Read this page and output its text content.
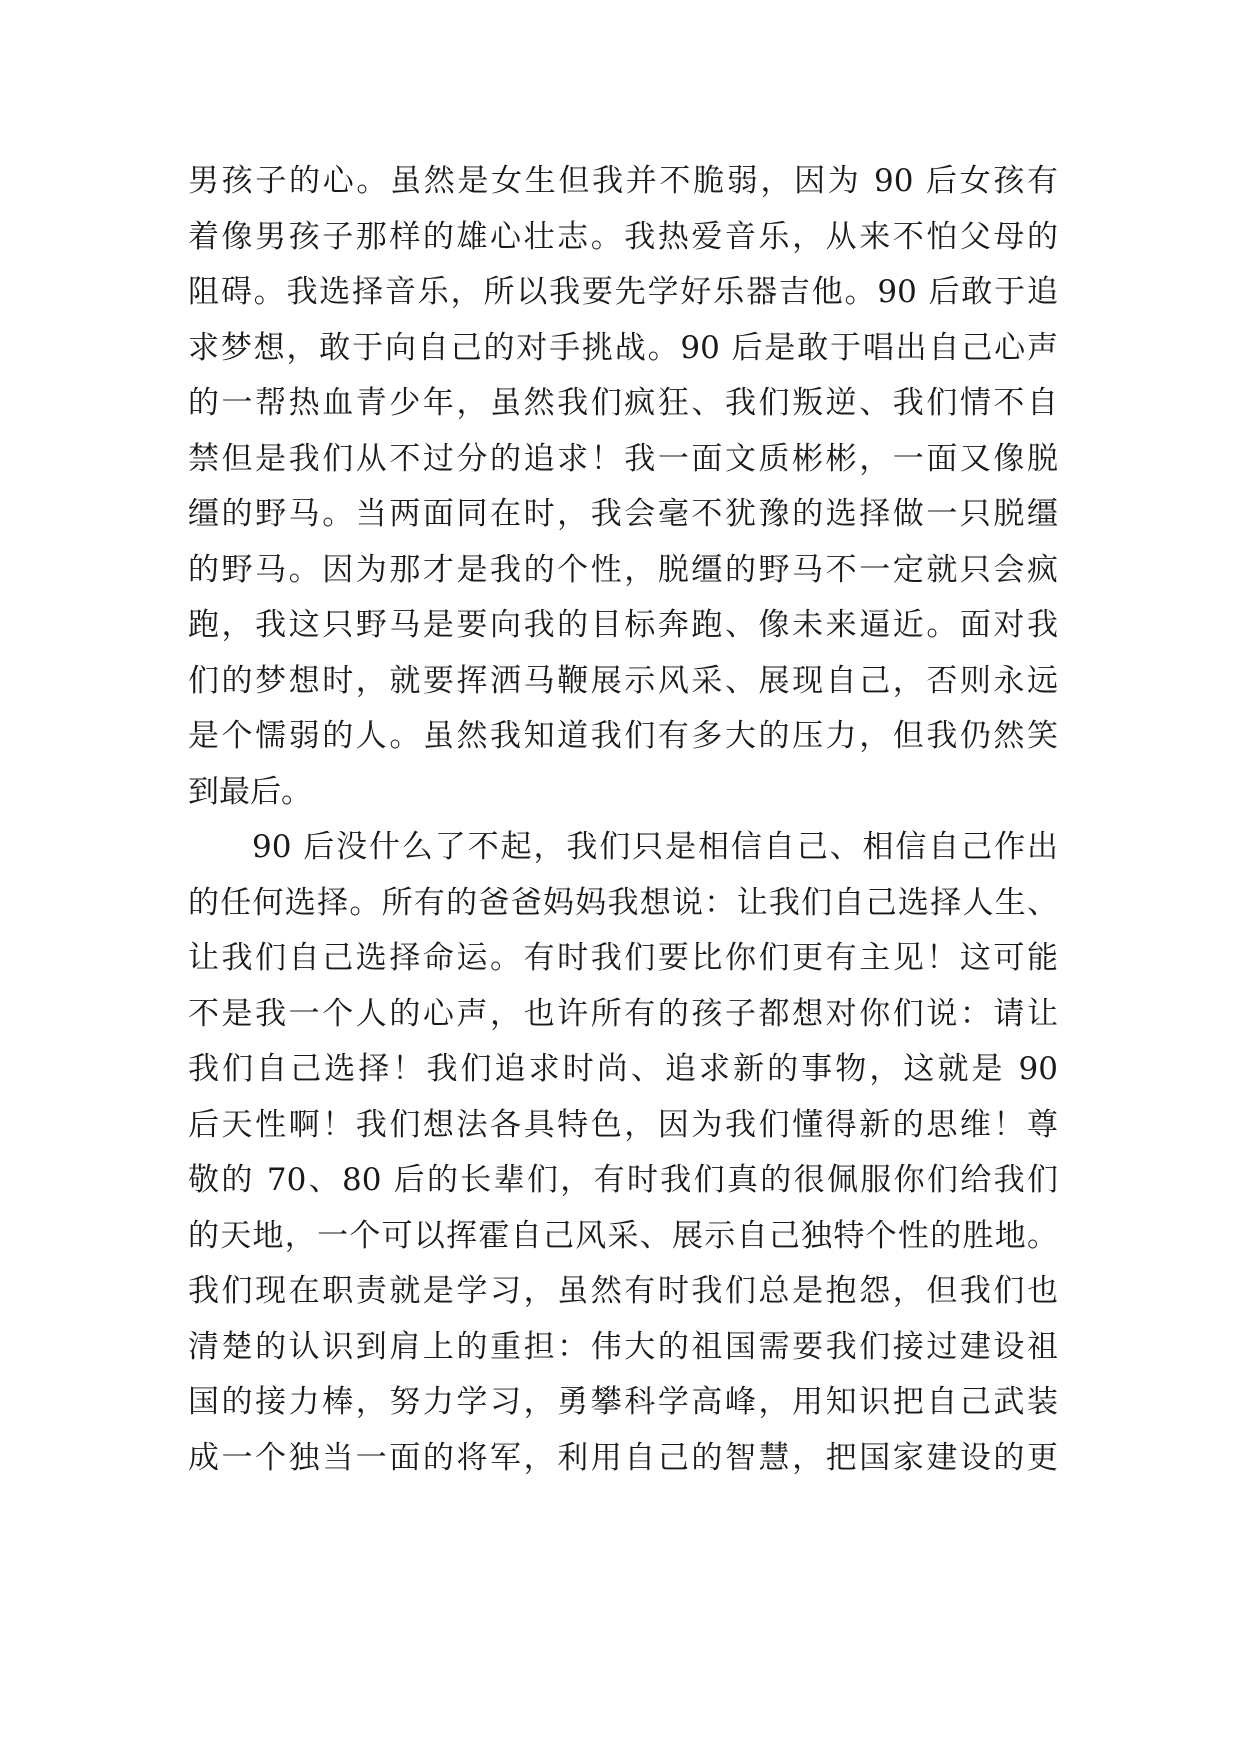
男孩子的心。虽然是女生但我并不脆弱，因为 90 后女孩有
着像男孩子那样的雄心壮志。我热爱音乐，从来不怕父母的
阻碍。我选择音乐，所以我要先学好乐器吉他。90 后敢于追
求梦想，敢于向自己的对手挑战。90 后是敢于唱出自己心声
的一帮热血青少年，虽然我们疯狂、我们叛逆、我们情不自
禁但是我们从不过分的追求！我一面文质彬彬，一面又像脱
缰的野马。当两面同在时，我会毫不犹豫的选择做一只脱缰
的野马。因为那才是我的个性，脱缰的野马不一定就只会疯
跑，我这只野马是要向我的目标奔跑、像未来逼近。面对我
们的梦想时，就要挥洒马鞭展示风采、展现自己，否则永远
是个懦弱的人。虽然我知道我们有多大的压力，但我仍然笑
到最后。
90 后没什么了不起，我们只是相信自己、相信自己作出
的任何选择。所有的爸爸妈妈我想说：让我们自己选择人生、
让我们自己选择命运。有时我们要比你们更有主见！这可能
不是我一个人的心声，也许所有的孩子都想对你们说：请让
我们自己选择！我们追求时尚、追求新的事物，这就是 90
后天性啊！我们想法各具特色，因为我们懂得新的思维！尊
敬的 70、80 后的长辈们，有时我们真的很佩服你们给我们
的天地，一个可以挥霍自己风采、展示自己独特个性的胜地。
我们现在职责就是学习，虽然有时我们总是抱怨，但我们也
清楚的认识到肩上的重担：伟大的祖国需要我们接过建设祖
国的接力棒，努力学习，勇攀科学高峰，用知识把自己武装
成一个独当一面的将军，利用自己的智慧，把国家建设的更
